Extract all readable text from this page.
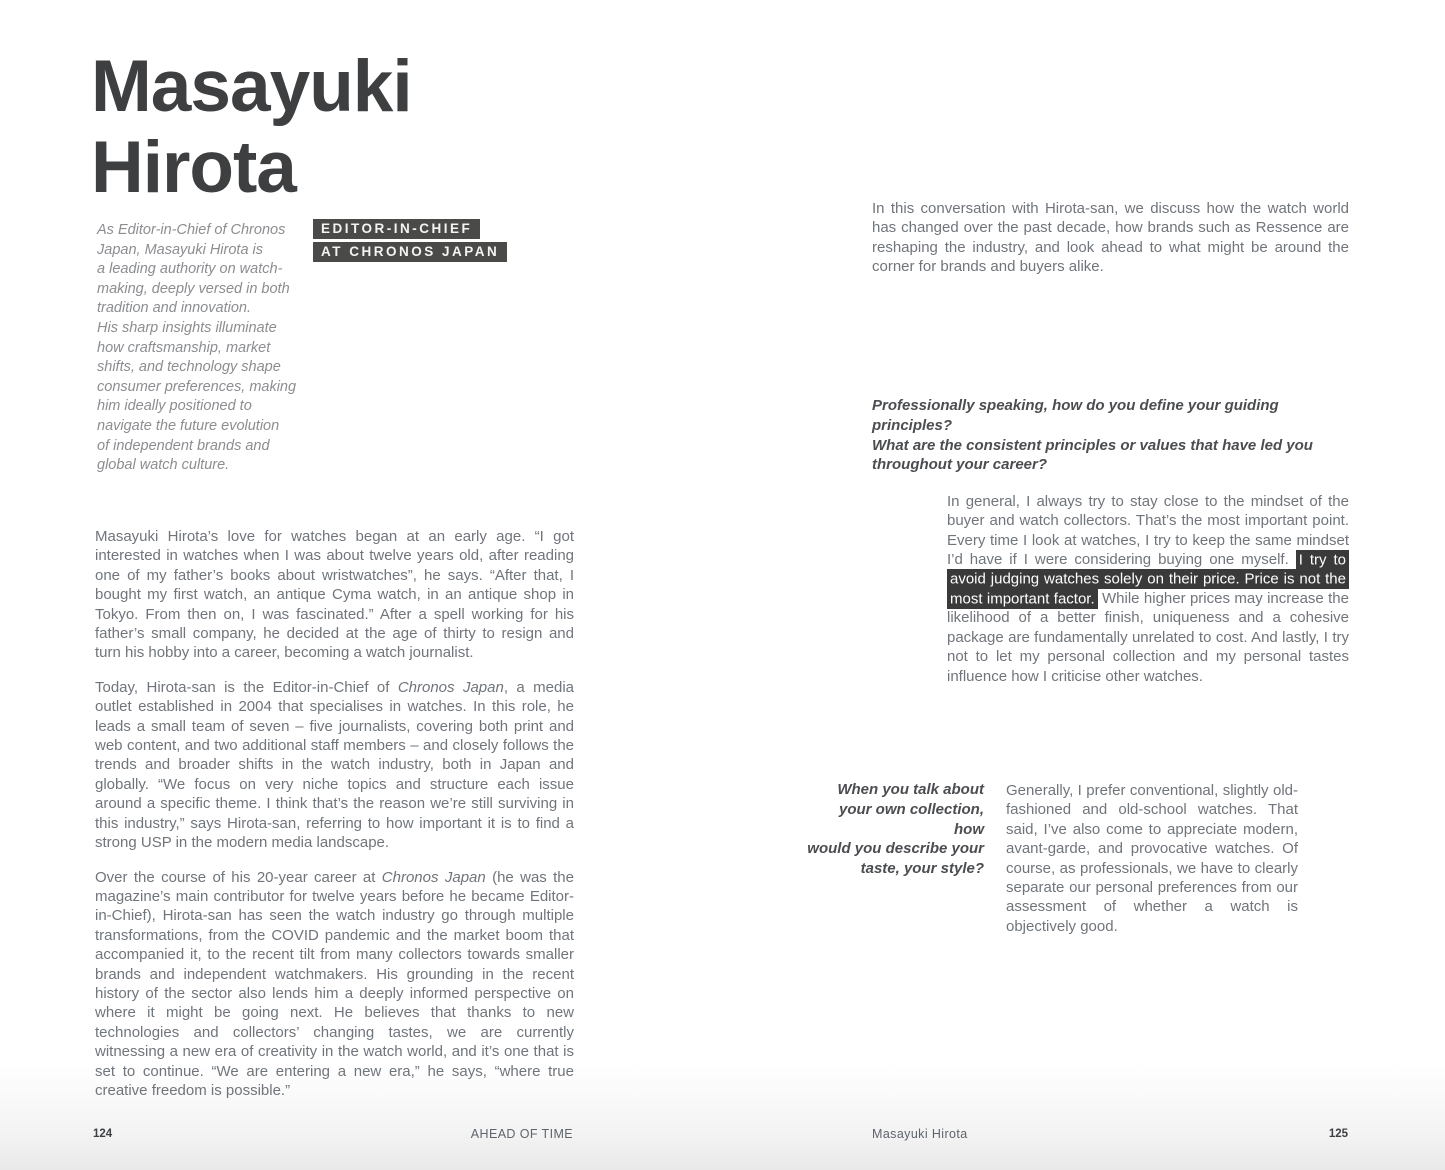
Masayuki
Hirota
As Editor-in-Chief of Chronos
Japan, Masayuki Hirota is
a leading authority on watch-
making, deeply versed in both
tradition and innovation.
His sharp insights illuminate
how craftsmanship, market
shifts, and technology shape
consumer preferences, making
him ideally positioned to
navigate the future evolution
of independent brands and
global watch culture.
EDITOR-IN-CHIEF
AT CHRONOS JAPAN

Masayuki Hirota’s love for watches began at an early age. “I got interested in watches when I was about twelve years old, after reading one of my father’s books about wristwatches”, he says. “After that, I bought my first watch, an antique Cyma watch, in an antique shop in Tokyo. From then on, I was fascinated.” After a spell working for his father’s small company, he decided at the age of thirty to resign and turn his hobby into a career, becoming a watch journalist.

Today, Hirota-san is the Editor-in-Chief of Chronos Japan, a media outlet established in 2004 that specialises in watches. In this role, he leads a small team of seven – five journalists, covering both print and web content, and two additional staff members – and closely follows the trends and broader shifts in the watch industry, both in Japan and globally. “We focus on very niche topics and structure each issue around a specific theme. I think that’s the reason we’re still surviving in this industry,” says Hirota-san, referring to how important it is to find a strong USP in the modern media landscape.

Over the course of his 20-year career at Chronos Japan (he was the magazine’s main contributor for twelve years before he became Editor-in-Chief), Hirota-san has seen the watch industry go through multiple transformations, from the COVID pandemic and the market boom that accompanied it, to the recent tilt from many collectors towards smaller brands and independent watchmakers. His grounding in the recent history of the sector also lends him a deeply informed perspective on where it might be going next. He believes that thanks to new technologies and collectors’ changing tastes, we are currently witnessing a new era of creativity in the watch world, and it’s one that is set to continue. “We are entering a new era,” he says, “where true creative freedom is possible.”

In this conversation with Hirota-san, we discuss how the watch world has changed over the past decade, how brands such as Ressence are reshaping the industry, and look ahead to what might be around the corner for brands and buyers alike.
Professionally speaking, how do you define your guiding principles?
What are the consistent principles or values that have led you
throughout your career?
In general, I always try to stay close to the mindset of the buyer and watch collectors. That’s the most important point. Every time I look at watches, I try to keep the same mindset I’d have if I were considering buying one myself. I try to avoid judging watches solely on their price. Price is not the most important factor. While higher prices may increase the likelihood of a better finish, uniqueness and a cohesive package are fundamentally unrelated to cost. And lastly, I try not to let my personal collection and my personal tastes influence how I criticise other watches.
When you talk about
your own collection, how
would you describe your
taste, your style?
Generally, I prefer conventional, slightly old-fashioned and old-school watches. That said, I’ve also come to appreciate modern, avant-garde, and provocative watches. Of course, as professionals, we have to clearly separate our personal preferences from our assessment of whether a watch is objectively good.
124	AHEAD OF TIME	Masayuki Hirota	125
